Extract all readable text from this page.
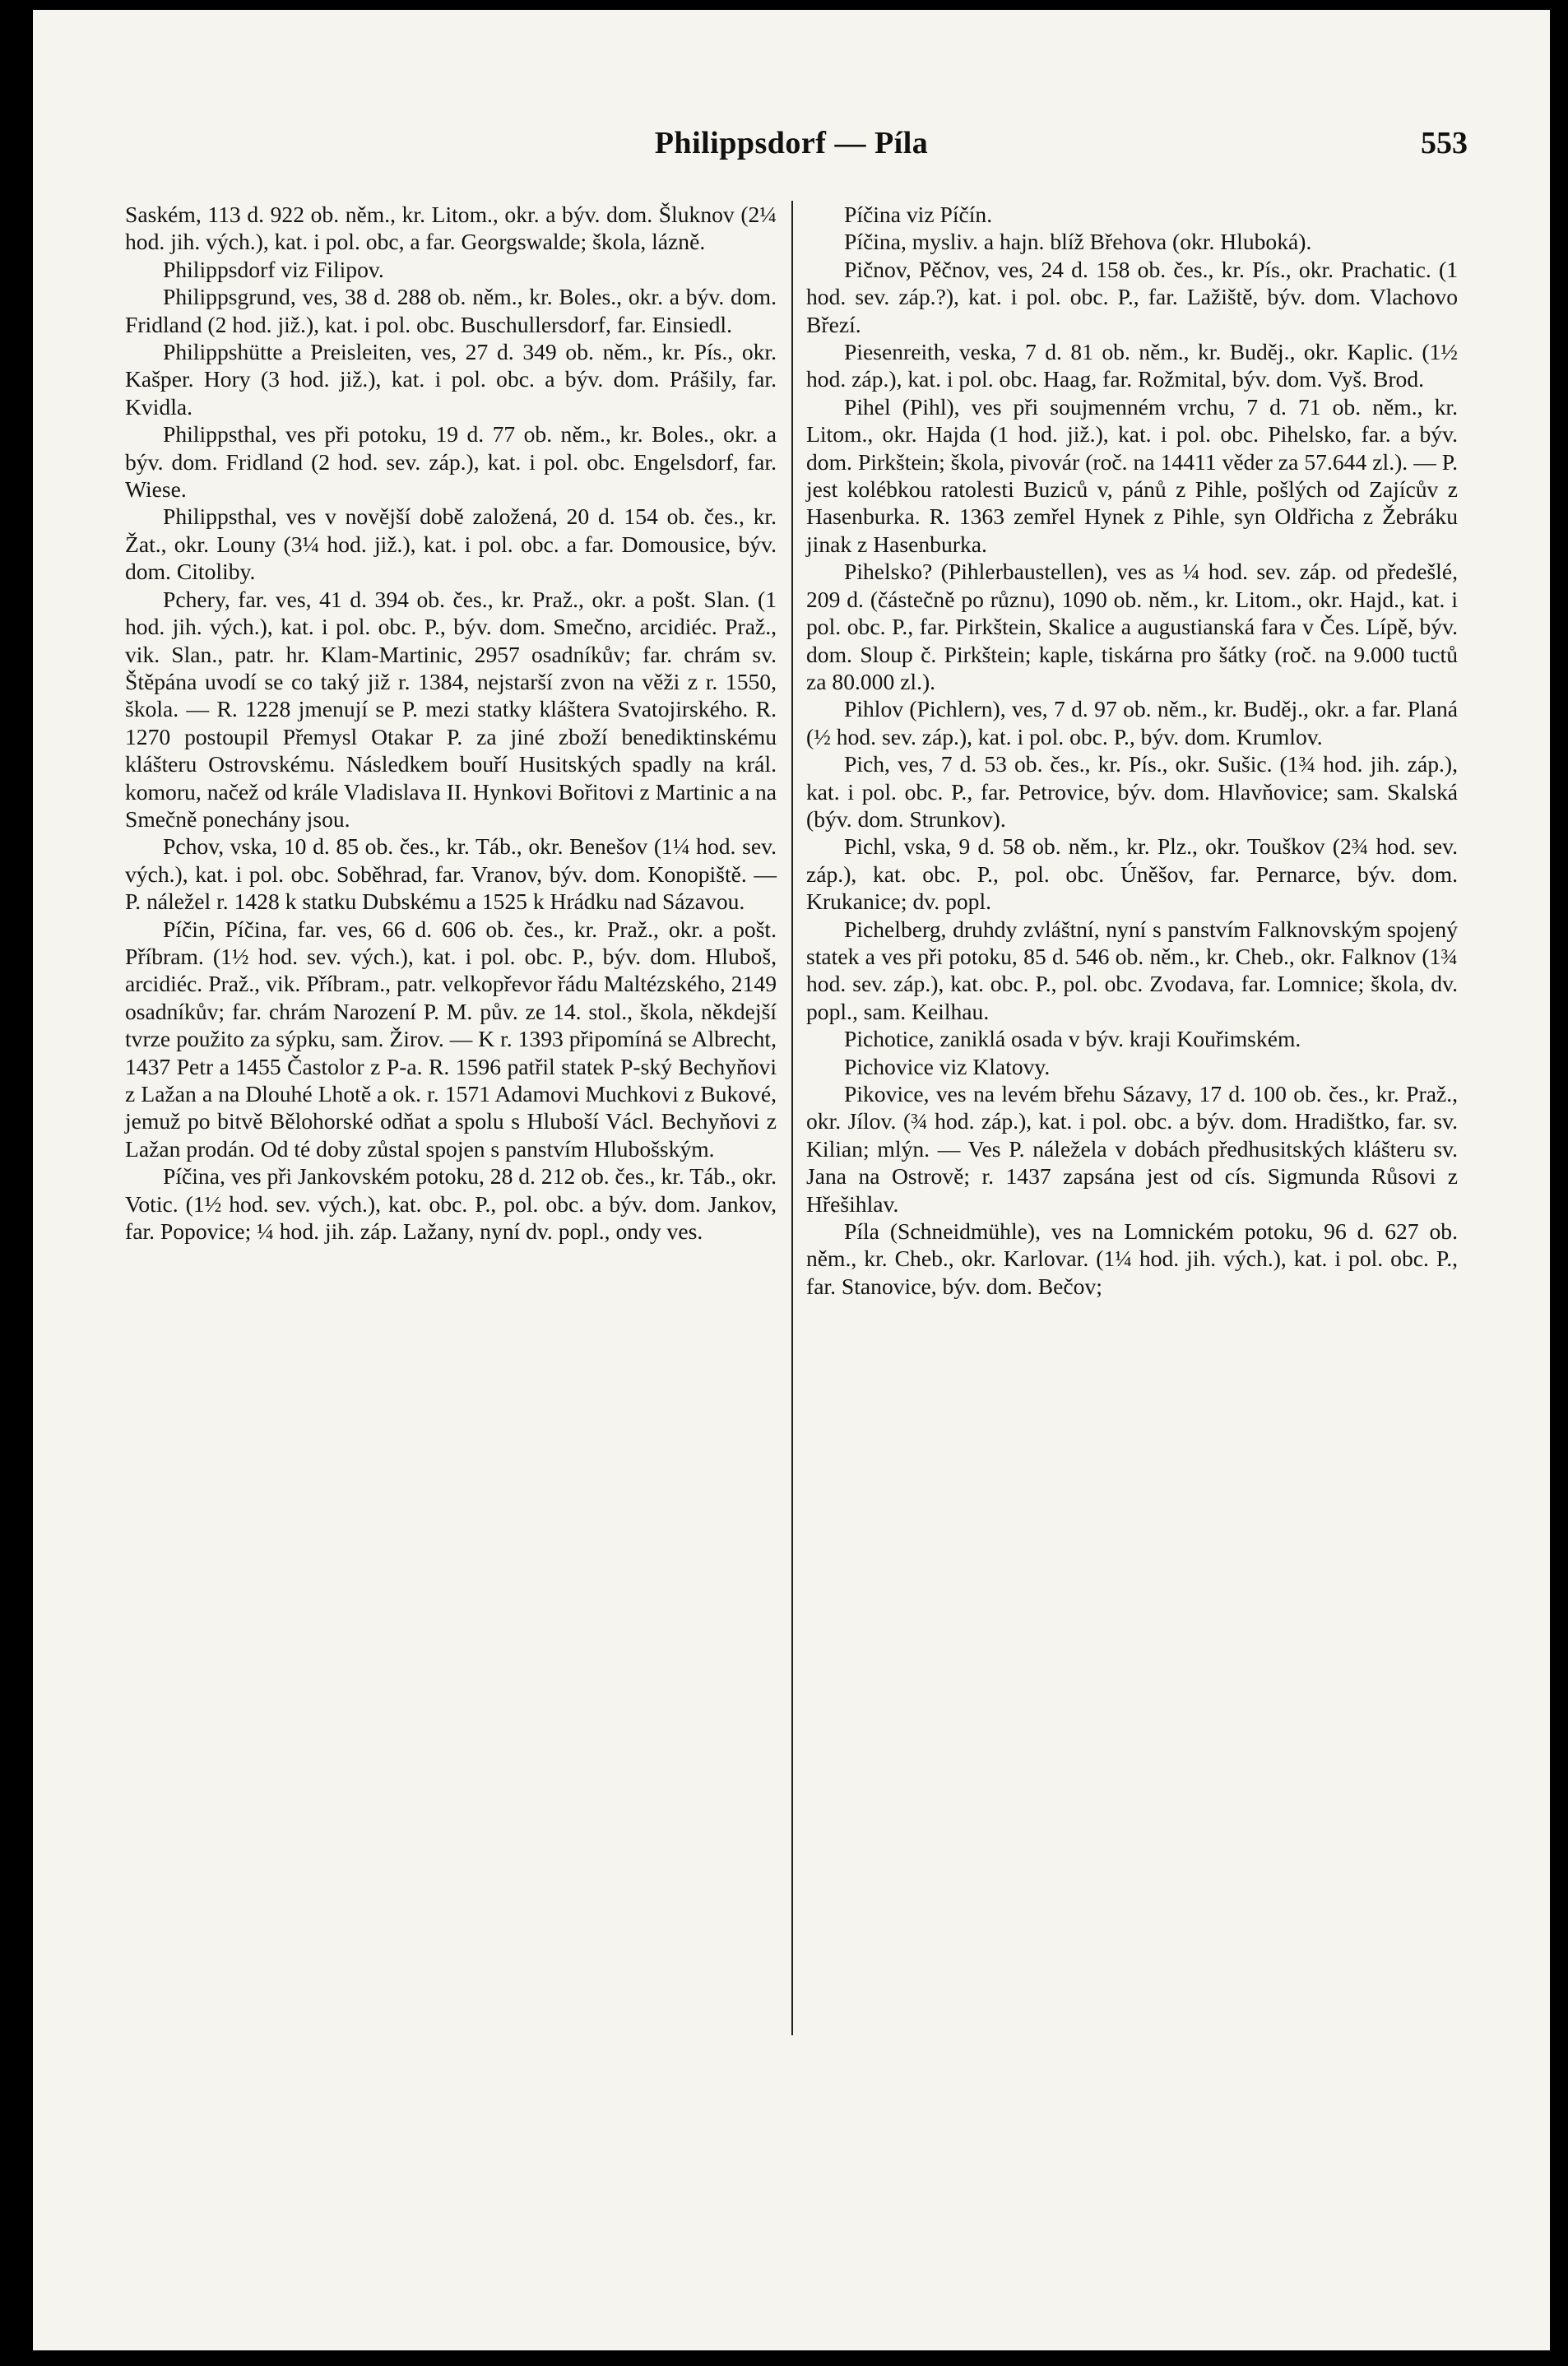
Philippsdorf — Píla	553

Saském, 113 d. 922 ob. něm., kr. Litom., okr. a býv. dom. Šluknov (2¼ hod. jih. vých.), kat. i pol. obc, a far. Georgswalde; škola, lázně.

Philippsdorf viz Filipov.

Philippsgrund, ves, 38 d. 288 ob. něm., kr. Boles., okr. a býv. dom. Fridland (2 hod. již.), kat. i pol. obc. Buschullersdorf, far. Einsiedl.

Philippshütte a Preisleiten, ves, 27 d. 349 ob. něm., kr. Pís., okr. Kašper. Hory (3 hod. již.), kat. i pol. obc. a býv. dom. Prášily, far. Kvidla.

Philippsthal, ves při potoku, 19 d. 77 ob. něm., kr. Boles., okr. a býv. dom. Fridland (2 hod. sev. záp.), kat. i pol. obc. Engelsdorf, far. Wiese.

Philippsthal, ves v novější době založená, 20 d. 154 ob. čes., kr. Žat., okr. Louny (3¼ hod. již.), kat. i pol. obc. a far. Domousice, býv. dom. Citoliby.

Pchery, far. ves, 41 d. 394 ob. čes., kr. Praž., okr. a pošt. Slan. (1 hod. jih. vých.), kat. i pol. obc. P., býv. dom. Smečno, arcidiéc. Praž., vik. Slan., patr. hr. Klam-Martinic, 2957 osadníkův; far. chrám sv. Štěpána uvodí se co taký již r. 1384, nejstarší zvon na věži z r. 1550, škola. — R. 1228 jmenují se P. mezi statky kláštera Svatojirského. R. 1270 postoupil Přemysl Otakar P. za jiné zboží benediktinskému klášteru Ostrovskému. Následkem bouří Husitských spadly na král. komoru, načež od krále Vladislava II. Hynkovi Bořitovi z Martinic a na Smečně ponechány jsou.

Pchov, vska, 10 d. 85 ob. čes., kr. Táb., okr. Benešov (1¼ hod. sev. vých.), kat. i pol. obc. Soběhrad, far. Vranov, býv. dom. Konopiště. — P. náležel r. 1428 k statku Dubskému a 1525 k Hrádku nad Sázavou.

Píčin, Píčina, far. ves, 66 d. 606 ob. čes., kr. Praž., okr. a pošt. Příbram. (1½ hod. sev. vých.), kat. i pol. obc. P., býv. dom. Hluboš, arcidiéc. Praž., vik. Příbram., patr. velkopřevor řádu Maltézského, 2149 osadníkův; far. chrám Narození P. M. pův. ze 14. stol., škola, někdejší tvrze použito za sýpku, sam. Žirov. — K r. 1393 připomíná se Albrecht, 1437 Petr a 1455 Častolor z P-a. R. 1596 patřil statek P-ský Bechyňovi z Lažan a na Dlouhé Lhotě a ok. r. 1571 Adamovi Muchkovi z Bukové, jemuž po bitvě Bělohorské odňat a spolu s Hluboší Václ. Bechyňovi z Lažan prodán. Od té doby zůstal spojen s panstvím Hlubošským.

Píčina, ves při Jankovském potoku, 28 d. 212 ob. čes., kr. Táb., okr. Votic. (1½ hod. sev. vých.), kat. obc. P., pol. obc. a býv. dom. Jankov, far. Popovice; ¼ hod. jih. záp. Lažany, nyní dv. popl., ondy ves.

Píčina viz Píčín.

Píčina, mysliv. a hajn. blíž Břehova (okr. Hluboká).

Pičnov, Pěčnov, ves, 24 d. 158 ob. čes., kr. Pís., okr. Prachatic. (1 hod. sev. záp.?), kat. i pol. obc. P., far. Lažiště, býv. dom. Vlachovo Březí.

Piesenreith, veska, 7 d. 81 ob. něm., kr. Buděj., okr. Kaplic. (1½ hod. záp.), kat. i pol. obc. Haag, far. Rožmital, býv. dom. Vyš. Brod.

Pihel (Pihl), ves při soujmenném vrchu, 7 d. 71 ob. něm., kr. Litom., okr. Hajda (1 hod. již.), kat. i pol. obc. Pihelsko, far. a býv. dom. Pirkštein; škola, pivovár (roč. na 14411 věder za 57.644 zl.). — P. jest kolébkou ratolesti Buziců v, pánů z Pihle, pošlých od Zajícův z Hasenburka. R. 1363 zemřel Hynek z Pihle, syn Oldřicha z Žebráku jinak z Hasenburka.

Pihelsko? (Pihlerbaustellen), ves as ¼ hod. sev. záp. od předešlé, 209 d. (částečně po různu), 1090 ob. něm., kr. Litom., okr. Hajd., kat. i pol. obc. P., far. Pirkštein, Skalice a augustianská fara v Čes. Lípě, býv. dom. Sloup č. Pirkštein; kaple, tiskárna pro šátky (roč. na 9.000 tuctů za 80.000 zl.).

Pihlov (Pichlern), ves, 7 d. 97 ob. něm., kr. Buděj., okr. a far. Planá (½ hod. sev. záp.), kat. i pol. obc. P., býv. dom. Krumlov.

Pich, ves, 7 d. 53 ob. čes., kr. Pís., okr. Sušic. (1¾ hod. jih. záp.), kat. i pol. obc. P., far. Petrovice, býv. dom. Hlavňovice; sam. Skalská (býv. dom. Strunkov).

Pichl, vska, 9 d. 58 ob. něm., kr. Plz., okr. Touškov (2¾ hod. sev. záp.), kat. obc. P., pol. obc. Úněšov, far. Pernarce, býv. dom. Krukanice; dv. popl.

Pichelberg, druhdy zvláštní, nyní s panstvím Falknovským spojený statek a ves při potoku, 85 d. 546 ob. něm., kr. Cheb., okr. Falknov (1¾ hod. sev. záp.), kat. obc. P., pol. obc. Zvodava, far. Lomnice; škola, dv. popl., sam. Keilhau.

Pichotice, zaniklá osada v býv. kraji Kouřimském.

Pichovice viz Klatovy.

Pikovice, ves na levém břehu Sázavy, 17 d. 100 ob. čes., kr. Praž., okr. Jílov. (¾ hod. záp.), kat. i pol. obc. a býv. dom. Hradištko, far. sv. Kilian; mlýn. — Ves P. náležela v dobách předhusitských klášteru sv. Jana na Ostrově; r. 1437 zapsána jest od cís. Sigmunda Růsovi z Hřešihlav.

Píla (Schneidmühle), ves na Lomnickém potoku, 96 d. 627 ob. něm., kr. Cheb., okr. Karlovar. (1¼ hod. jih. vých.), kat. i pol. obc. P., far. Stanovice, býv. dom. Bečov;
